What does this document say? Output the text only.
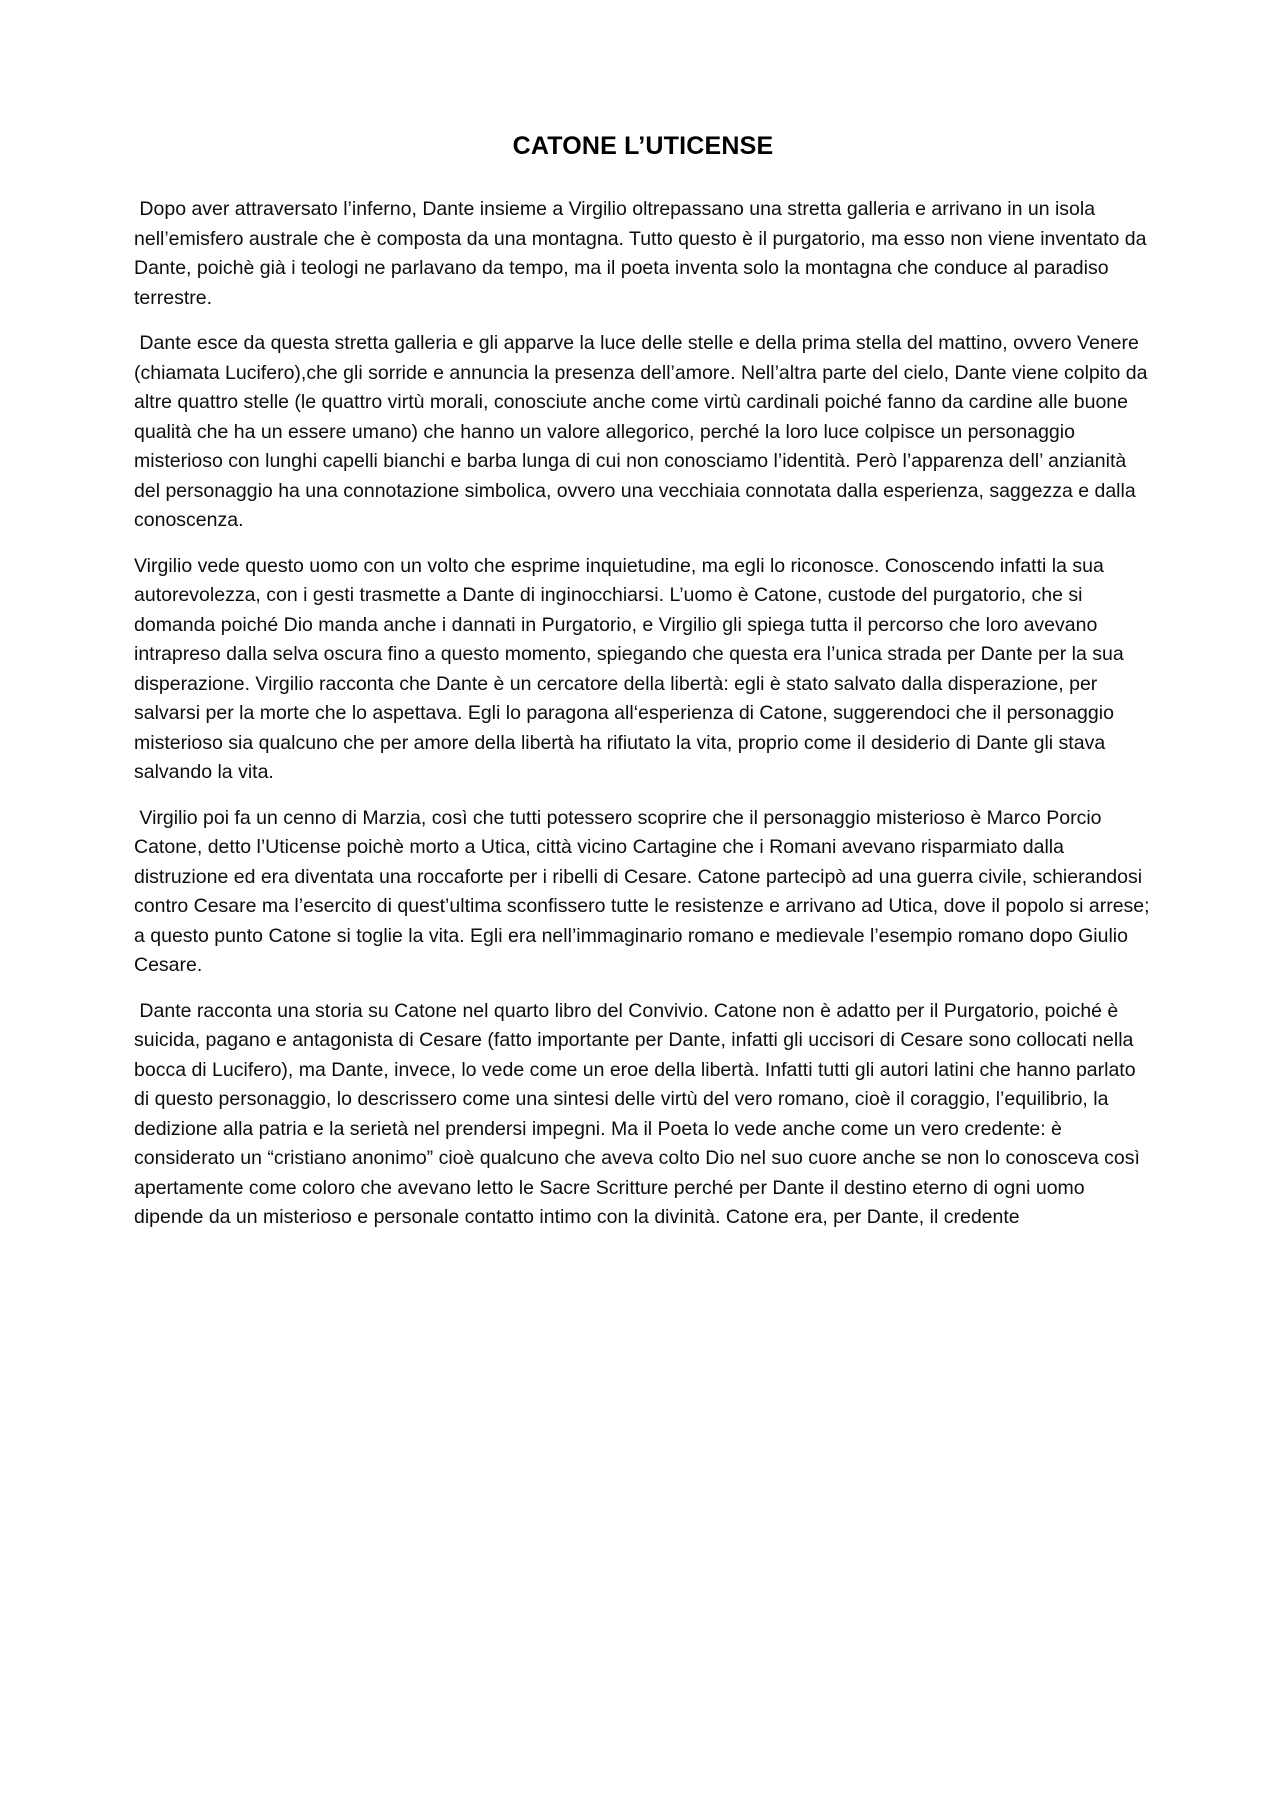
CATONE L’UTICENSE

Dopo aver attraversato l’inferno, Dante insieme a Virgilio oltrepassano una stretta galleria e arrivano in un isola nell’emisfero australe che è composta da una montagna. Tutto questo è il purgatorio, ma esso non viene inventato da Dante, poichè già i teologi ne parlavano da tempo, ma il poeta inventa solo la montagna che conduce al paradiso terrestre.

Dante esce da questa stretta galleria e gli apparve la luce delle stelle e della prima stella del mattino, ovvero Venere (chiamata Lucifero),che gli sorride e annuncia la presenza dell’amore. Nell’altra parte del cielo, Dante viene colpito da altre quattro stelle (le quattro virtù morali, conosciute anche come virtù cardinali poiché fanno da cardine alle buone qualità che ha un essere umano) che hanno un valore allegorico, perché la loro luce colpisce un personaggio misterioso con lunghi capelli bianchi e barba lunga di cui non conosciamo l’identità. Però l’apparenza dell’ anzianità del personaggio ha una connotazione simbolica, ovvero una vecchiaia connotata dalla esperienza, saggezza e dalla conoscenza.

Virgilio vede questo uomo con un volto che esprime inquietudine, ma egli lo riconosce. Conoscendo infatti la sua autorevolezza, con i gesti trasmette a Dante di inginocchiarsi. L’uomo è Catone, custode del purgatorio, che si domanda poiché Dio manda anche i dannati in Purgatorio, e Virgilio gli spiega tutta il percorso che loro avevano intrapreso dalla selva oscura fino a questo momento, spiegando che questa era l’unica strada per Dante per la sua disperazione. Virgilio racconta che Dante è un cercatore della libertà: egli è stato salvato dalla disperazione, per salvarsi per la morte che lo aspettava. Egli lo paragona all‘esperienza di Catone, suggerendoci che il personaggio misterioso sia qualcuno che per amore della libertà ha rifiutato la vita, proprio come il desiderio di Dante gli stava salvando la vita.

Virgilio poi fa un cenno di Marzia, così che tutti potessero scoprire che il personaggio misterioso è Marco Porcio Catone, detto l’Uticense poichè morto a Utica, città vicino Cartagine che i Romani avevano risparmiato dalla distruzione ed era diventata una roccaforte per i ribelli di Cesare. Catone partecipò ad una guerra civile, schierandosi contro Cesare ma l’esercito di quest’ultima sconfissero tutte le resistenze e arrivano ad Utica, dove il popolo si arrese; a questo punto Catone si toglie la vita. Egli era nell’immaginario romano e medievale l’esempio romano dopo Giulio Cesare.

Dante racconta una storia su Catone nel quarto libro del Convivio. Catone non è adatto per il Purgatorio, poiché è suicida, pagano e antagonista di Cesare (fatto importante per Dante, infatti gli uccisori di Cesare sono collocati nella bocca di Lucifero), ma Dante, invece, lo vede come un eroe della libertà. Infatti tutti gli autori latini che hanno parlato di questo personaggio, lo descrissero come una sintesi delle virtù del vero romano, cioè il coraggio, l’equilibrio, la dedizione alla patria e la serietà nel prendersi impegni. Ma il Poeta lo vede anche come un vero credente: è considerato un “cristiano anonimo” cioè qualcuno che aveva colto Dio nel suo cuore anche se non lo conosceva così apertamente come coloro che avevano letto le Sacre Scritture perché per Dante il destino eterno di ogni uomo dipende da un misterioso e personale contatto intimo con la divinità. Catone era, per Dante, il credente
